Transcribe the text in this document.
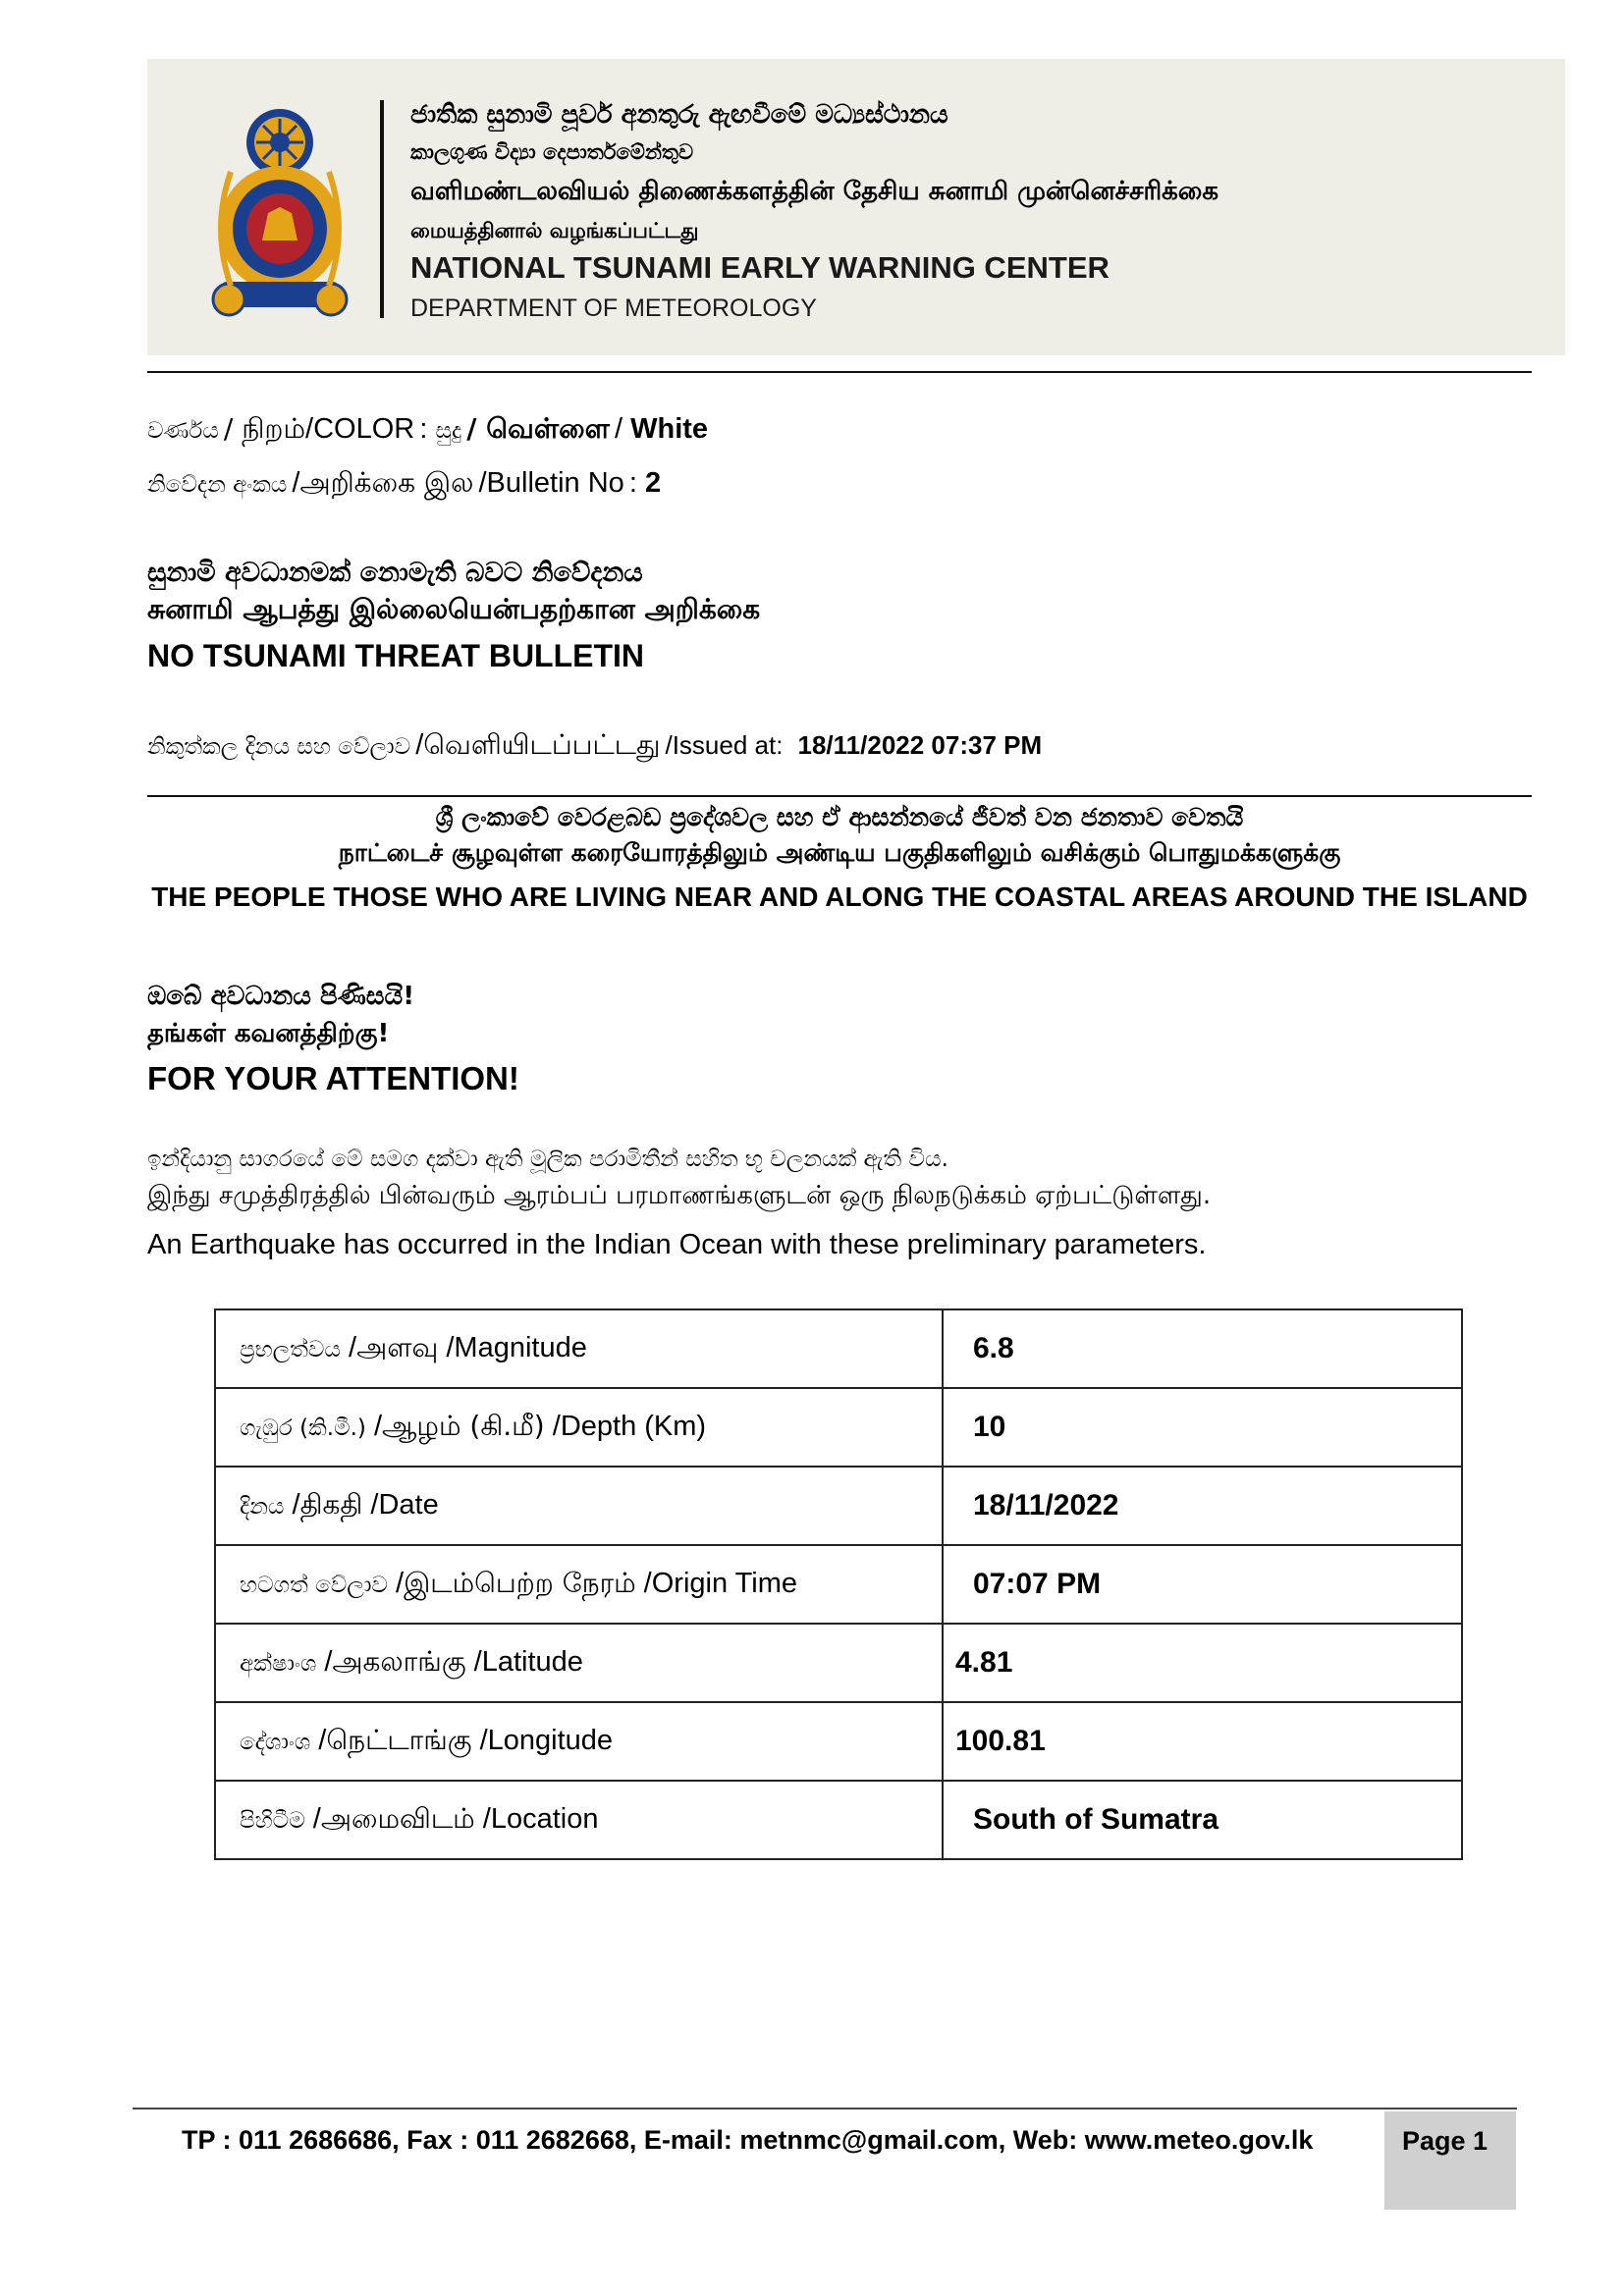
ජාතික සුනාමි පූර්ව අනතුරු ඇඟවීමේ මධ්‍යස්ථානය
කාලගුණ විද්‍යා දෙපාර්තමේන්තුව
வளிமண்டலவியல் திணைக்களத்தின் தேசிய சுனாமி முன்னெச்சரிக்கை
மையத்தினால் வழங்கப்பட்டது
NATIONAL TSUNAMI EARLY WARNING CENTER
DEPARTMENT OF METEOROLOGY
වර්ණය / நிறம்/COLOR : සුදු / வெள்ளை / White
නිවේදන අංකය /அறிக்கை இல /Bulletin No : 2
සුනාමි අවධානමක් නොමැති බවට නිවේදනය
சுனாமி ஆபத்து இல்லையென்பதற்கான அறிக்கை
NO TSUNAMI THREAT BULLETIN
නිකුත්කල දිනය සහ වේලාව /வெளியிடப்பட்டது /Issued at: 18/11/2022 07:37 PM
ශ්‍රී ලංකාවේ වෙරළබඩ ප්‍රදේශවල සහ ඒ ආසන්නයේ ජීවත් වන ජනතාව වෙතයි
நாட்டைச் சூழவுள்ள கரையோரத்திலும் அண்டிய பகுதிகளிலும் வசிக்கும் பொதுமக்களுக்கு
THE PEOPLE THOSE WHO ARE LIVING NEAR AND ALONG THE COASTAL AREAS AROUND THE ISLAND
ඔබේ අවධානය පිණිසයි!
தங்கள் கவனத்திற்கு!
FOR YOUR ATTENTION!
ඉන්දියානු සාගරයේ මේ සමග දක්වා ඇති මූලික පරාමිතීන් සහිත භූ චලනයක් ඇති විය.
இந்து சமுத்திரத்தில் பின்வரும் ஆரம்பப் பரமாணங்களுடன் ஒரு நிலநடுக்கம் ஏற்பட்டுள்ளது.
An Earthquake has occurred in the Indian Ocean with these preliminary parameters.
ප්‍රභලත්වය /அளவு /Magnitude	6.8
ගැඹුර (කි.මී.) /ஆழம் (கி.மீ) /Depth (Km)	10
දිනය /திகதி /Date	18/11/2022
හටගත් වේලාව /இடம்பெற்ற நேரம் /Origin Time	07:07 PM
අක්ෂාංශ /அகலாங்கு /Latitude	4.81
දේශාංශ /நெட்டாங்கு /Longitude	100.81
පිහිටීම /அமைவிடம் /Location	South of Sumatra
TP : 011 2686686, Fax : 011 2682668, E-mail: metnmc@gmail.com, Web: www.meteo.gov.lk	Page 1
